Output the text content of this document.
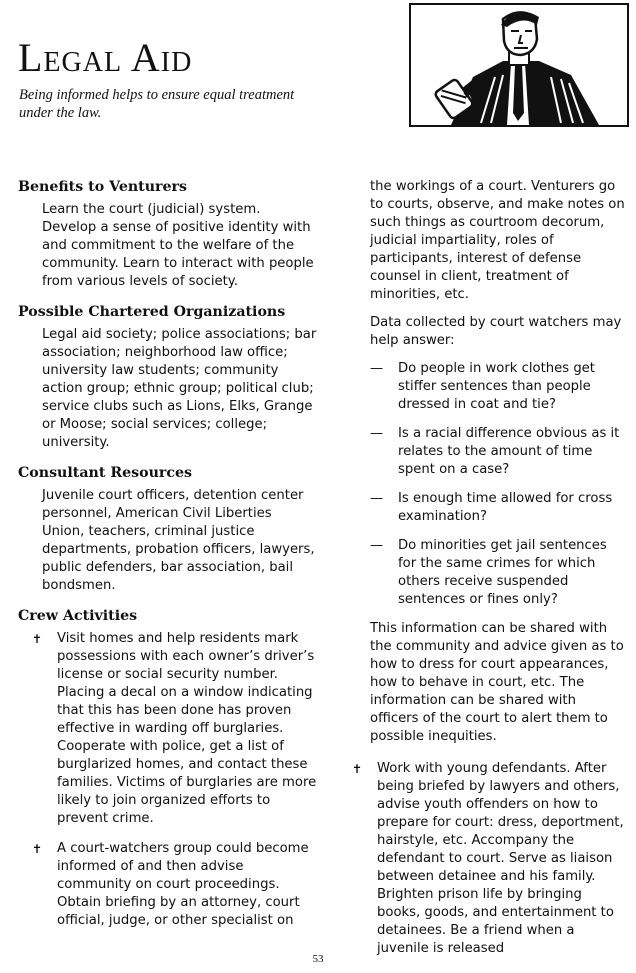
Legal Aid
Being informed helps to ensure equal treatment under the law.
Benefits to Venturers
Learn the court (judicial) system. Develop a sense of positive identity with and commitment to the welfare of the community. Learn to interact with people from various levels of society.
Possible Chartered Organizations
Legal aid society; police associations; bar association; neighborhood law office; university law students; community action group; ethnic group; political club; service clubs such as Lions, Elks, Grange or Moose; social services; college; university.
Consultant Resources
Juvenile court officers, detention center personnel, American Civil Liberties Union, teachers, criminal justice departments, probation officers, lawyers, public defenders, bar association, bail bondsmen.
Crew Activities
✝ Visit homes and help residents mark possessions with each owner’s driver’s license or social security number. Placing a decal on a window indicating that this has been done has proven effective in warding off burglaries. Cooperate with police, get a list of burglarized homes, and contact these families. Victims of burglaries are more likely to join organized efforts to prevent crime.
✝ A court-watchers group could become informed of and then advise community on court proceedings. Obtain briefing by an attorney, court official, judge, or other specialist on
the workings of a court. Venturers go to courts, observe, and make notes on such things as courtroom decorum, judicial impartiality, roles of participants, interest of defense counsel in client, treatment of minorities, etc.
Data collected by court watchers may help answer:
— Do people in work clothes get stiffer sentences than people dressed in coat and tie?
— Is a racial difference obvious as it relates to the amount of time spent on a case?
— Is enough time allowed for cross examination?
— Do minorities get jail sentences for the same crimes for which others receive suspended sentences or fines only?
This information can be shared with the community and advice given as to how to dress for court appearances, how to behave in court, etc. The information can be shared with officers of the court to alert them to possible inequities.
✝ Work with young defendants. After being briefed by lawyers and others, advise youth offenders on how to prepare for court: dress, deportment, hairstyle, etc. Accompany the defendant to court. Serve as liaison between detainee and his family. Brighten prison life by bringing books, goods, and entertainment to detainees. Be a friend when a juvenile is released
53
